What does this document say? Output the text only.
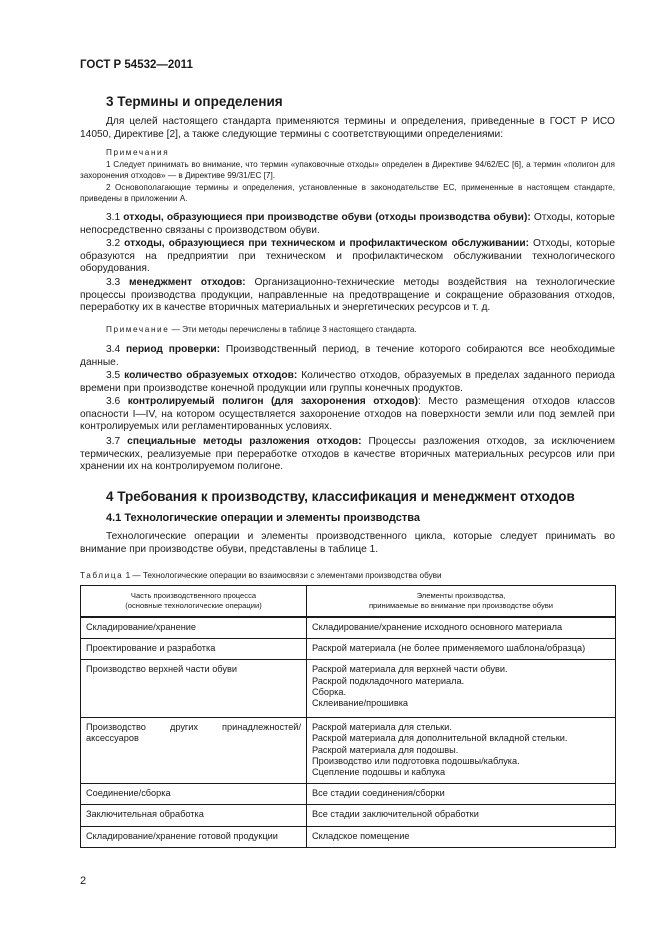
ГОСТ Р 54532—2011
3 Термины и определения
Для целей настоящего стандарта применяются термины и определения, приведенные в ГОСТ Р ИСО 14050, Директиве [2], а также следующие термины с соответствующими определениями:
Примечания
1 Следует принимать во внимание, что термин «упаковочные отходы» определен в Директиве 94/62/ЕС [6], а термин «полигон для захоронения отходов» — в Директиве 99/31/ЕС [7].
2 Основополагающие термины и определения, установленные в законодательстве ЕС, примененные в настоящем стандарте, приведены в приложении А.
3.1 отходы, образующиеся при производстве обуви (отходы производства обуви): Отходы, которые непосредственно связаны с производством обуви.
3.2 отходы, образующиеся при техническом и профилактическом обслуживании: Отходы, которые образуются на предприятии при техническом и профилактическом обслуживании технологического оборудования.
3.3 менеджмент отходов: Организационно-технические методы воздействия на технологические процессы производства продукции, направленные на предотвращение и сокращение образования отходов, переработку их в качестве вторичных материальных и энергетических ресурсов и т. д.
Примечание — Эти методы перечислены в таблице 3 настоящего стандарта.
3.4 период проверки: Производственный период, в течение которого собираются все необходимые данные.
3.5 количество образуемых отходов: Количество отходов, образуемых в пределах заданного периода времени при производстве конечной продукции или группы конечных продуктов.
3.6 контролируемый полигон (для захоронения отходов): Место размещения отходов классов опасности I—IV, на котором осуществляется захоронение отходов на поверхности земли или под землей при контролируемых или регламентированных условиях.
3.7 специальные методы разложения отходов: Процессы разложения отходов, за исключением термических, реализуемые при переработке отходов в качестве вторичных материальных ресурсов или при хранении их на контролируемом полигоне.
4 Требования к производству, классификация и менеджмент отходов
4.1 Технологические операции и элементы производства
Технологические операции и элементы производственного цикла, которые следует принимать во внимание при производстве обуви, представлены в таблице 1.
Таблица 1 — Технологические операции во взаимосвязи с элементами производства обуви
Часть производственного процесса
(основные технологические операции)	Элементы производства,
принимаемые во внимание при производстве обуви

Складирование/хранение	Складирование/хранение исходного основного материала

Проектирование и разработка	Раскрой материала (не более применяемого шаблона/образца)

Производство верхней части обуви	Раскрой материала для верхней части обуви.
Раскрой подкладочного материала.
Сборка.
Склеивание/прошивка

Производство других принадлежностей/аксессуаров	Раскрой материала для стельки.
Раскрой материала для дополнительной вкладной стельки.
Раскрой материала для подошвы.
Производство или подготовка подошвы/каблука.
Сцепление подошвы и каблука

Соединение/сборка	Все стадии соединения/сборки

Заключительная обработка	Все стадии заключительной обработки

Складирование/хранение готовой продукции	Складское помещение
2
